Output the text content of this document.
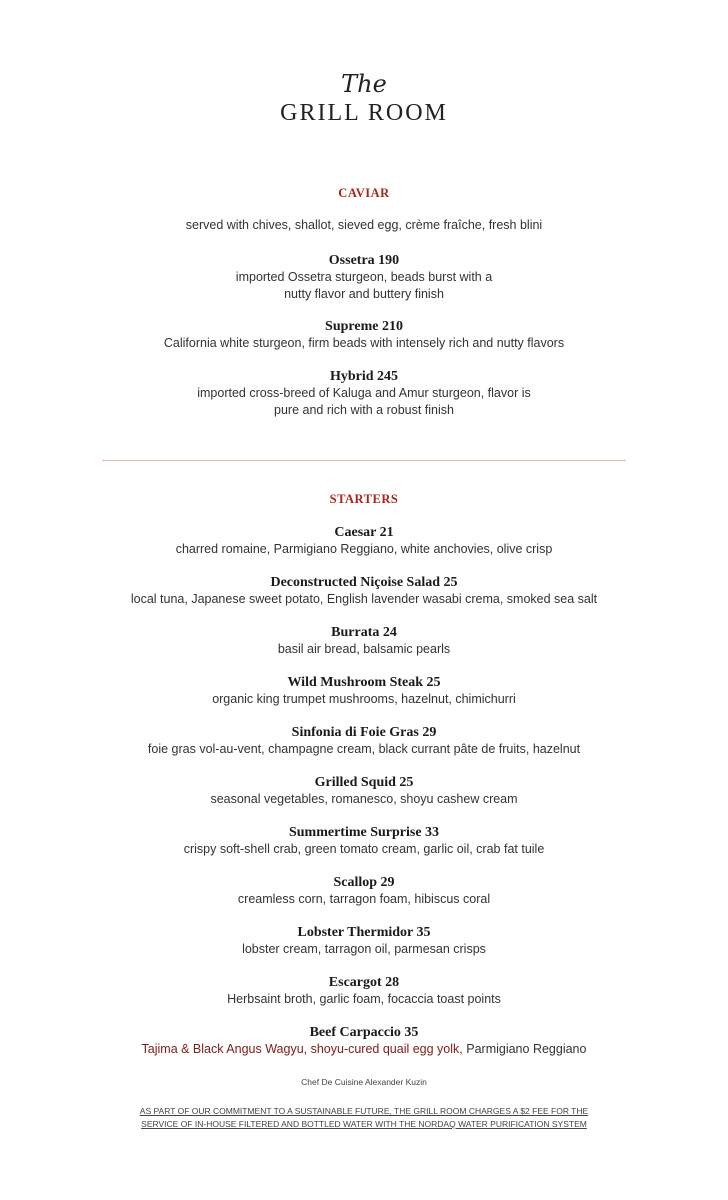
The
GRILL ROOM
CAVIAR
served with chives, shallot, sieved egg, crème fraîche, fresh blini
Ossetra 190
imported Ossetra sturgeon, beads burst with a
nutty flavor and buttery finish
Supreme 210
California white sturgeon, firm beads with intensely rich and nutty flavors
Hybrid 245
imported cross-breed of Kaluga and Amur sturgeon, flavor is
pure and rich with a robust finish
STARTERS
Caesar 21
charred romaine, Parmigiano Reggiano, white anchovies, olive crisp
Deconstructed Niçoise Salad 25
local tuna, Japanese sweet potato, English lavender wasabi crema, smoked sea salt
Burrata 24
basil air bread, balsamic pearls
Wild Mushroom Steak 25
organic king trumpet mushrooms, hazelnut, chimichurri
Sinfonia di Foie Gras 29
foie gras vol-au-vent, champagne cream, black currant pâte de fruits, hazelnut
Grilled Squid 25
seasonal vegetables, romanesco, shoyu cashew cream
Summertime Surprise 33
crispy soft-shell crab, green tomato cream, garlic oil, crab fat tuile
Scallop 29
creamless corn, tarragon foam, hibiscus coral
Lobster Thermidor 35
lobster cream, tarragon oil, parmesan crisps
Escargot 28
Herbsaint broth, garlic foam, focaccia toast points
Beef Carpaccio 35
Tajima & Black Angus Wagyu, shoyu-cured quail egg yolk, Parmigiano Reggiano
Chef De Cuisine Alexander Kuzin
AS PART OF OUR COMMITMENT TO A SUSTAINABLE FUTURE, THE GRILL ROOM CHARGES A $2 FEE FOR THE
SERVICE OF IN-HOUSE FILTERED AND BOTTLED WATER WITH THE NORDAQ WATER PURIFICATION SYSTEM
